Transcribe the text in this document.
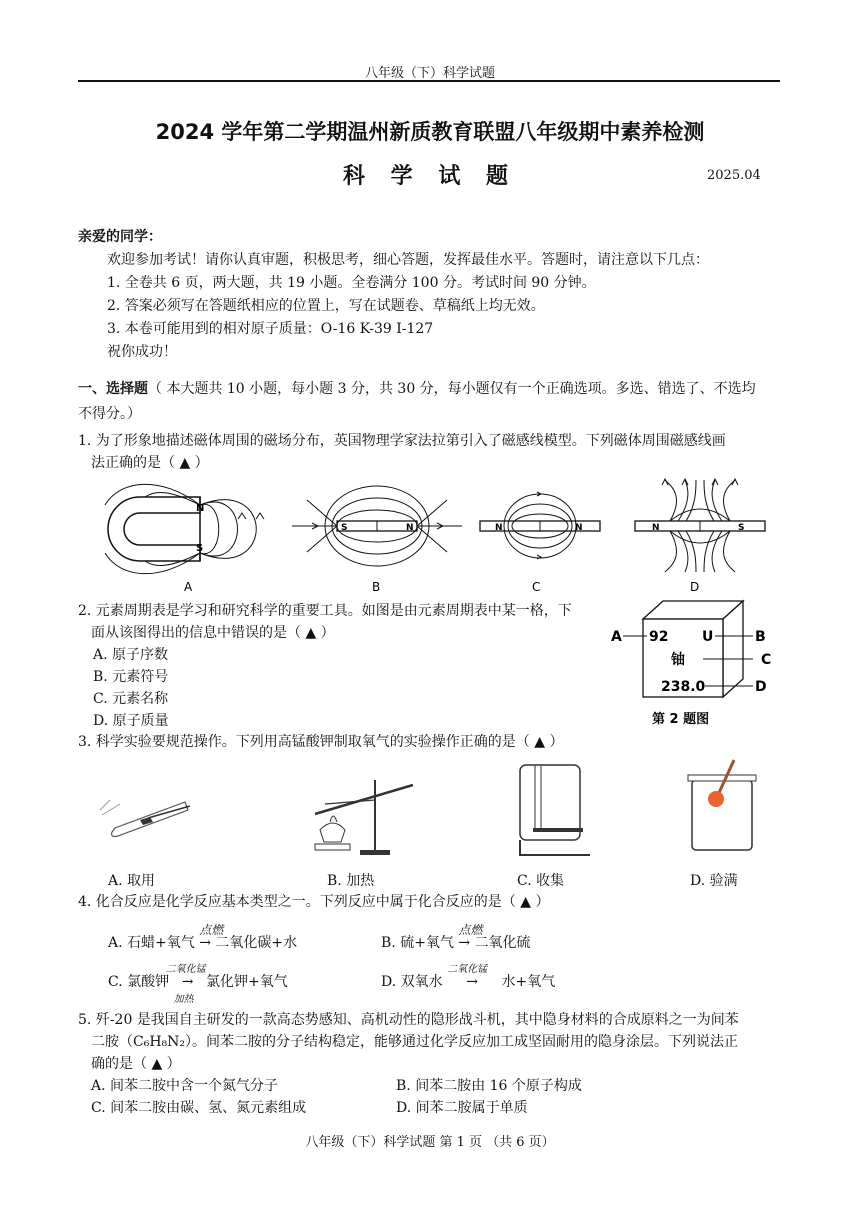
八年级（下）科学试题
2024 学年第二学期温州新质教育联盟八年级期中素养检测
科 学 试 题	2025.04
亲爱的同学：
欢迎参加考试！请你认真审题，积极思考，细心答题，发挥最佳水平。答题时，请注意以下几点：
1. 全卷共 6 页，两大题，共 19 小题。全卷满分 100 分。考试时间 90 分钟。
2. 答案必须写在答题纸相应的位置上，写在试题卷、草稿纸上均无效。
3. 本卷可能用到的相对原子质量：O-16 K-39 I-127
祝你成功！
一、选择题（ 本大题共 10 小题，每小题 3 分，共 30 分，每小题仅有一个正确选项。多选、错选了、不选均
不得分。）
1. 为了形象地描述磁体周围的磁场分布，英国物理学家法拉第引入了磁感线模型。下列磁体周围磁感线画
法正确的是（ ▲ ）
N
S
A
S	N
B
N	N
C
N	S
D
2. 元素周期表是学习和研究科学的重要工具。如图是由元素周期表中某一格，下
面从该图得出的信息中错误的是（ ▲ ）
A. 原子序数
B. 元素符号
C. 元素名称
D. 原子质量
A 92 U	B
铀	C
238.0	D
第 2 题图
3. 科学实验要规范操作。下列用高锰酸钾制取氧气的实验操作正确的是（ ▲ ）
A. 取用	B. 加热	C. 收集	D. 验满
4. 化合反应是化学反应基本类型之一。下列反应中属于化合反应的是（ ▲ ）
A. 石蜡+氧气
点燃
→ 二氧化碳+水	B. 硫+氧气
点燃
→ 二氧化硫
C. 氯酸钾
二氧化锰
→
加热
氯化钾+氧气	D. 双氧水
二氧化锰
→ 水+氧气
5. 歼-20 是我国自主研发的一款高态势感知、高机动性的隐形战斗机，其中隐身材料的合成原料之一为间苯
二胺（C₆H₈N₂）。间苯二胺的分子结构稳定，能够通过化学反应加工成坚固耐用的隐身涂层。下列说法正
确的是（ ▲ ）
A. 间苯二胺中含一个氮气分子	B. 间苯二胺由 16 个原子构成
C. 间苯二胺由碳、氢、氮元素组成	D. 间苯二胺属于单质
八年级（下）科学试题 第 1 页 （共 6 页）
